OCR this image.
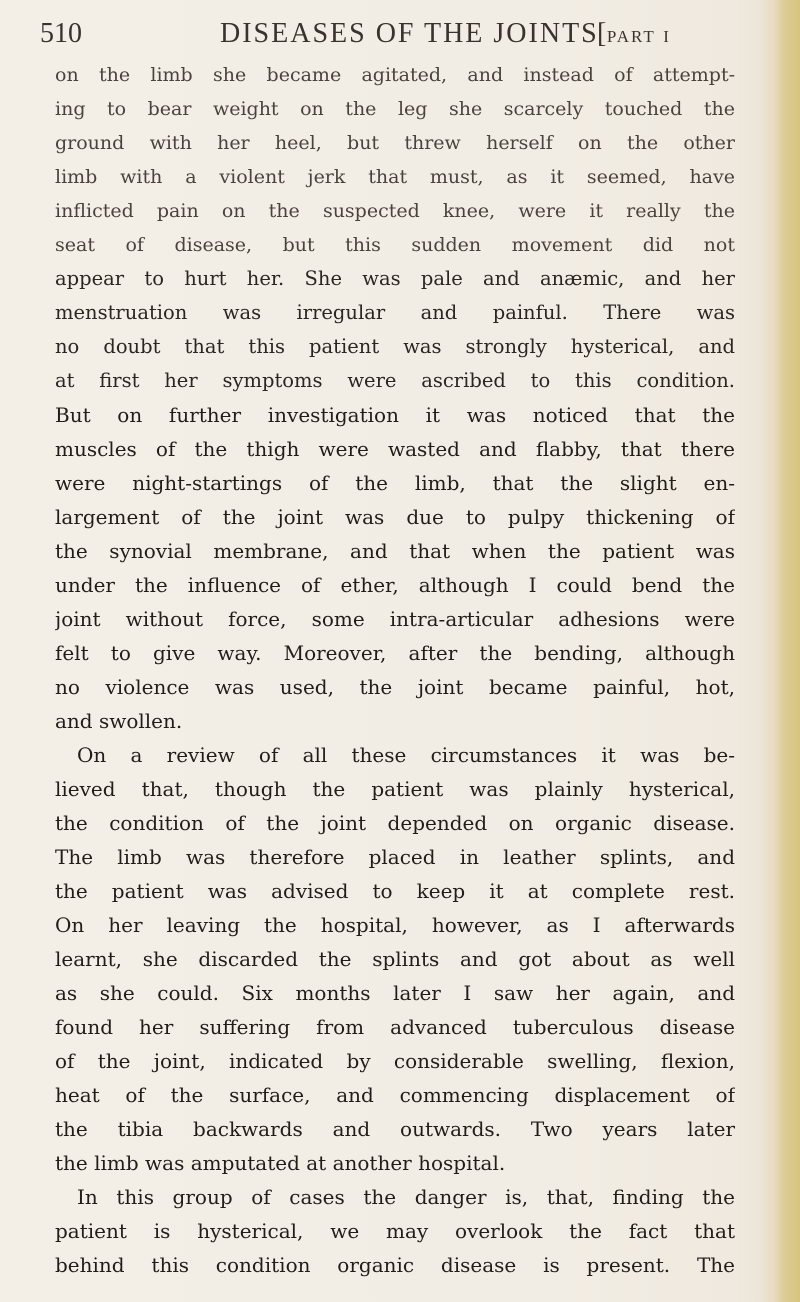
510	DISEASES OF THE JOINTS
[PART I
on the limb she became agitated, and instead of attempt-
ing to bear weight on the leg she scarcely touched the
ground with her heel, but threw herself on the other
limb with a violent jerk that must, as it seemed, have
inflicted pain on the suspected knee, were it really the
seat of disease, but this sudden movement did not
appear to hurt her. She was pale and anæmic, and her
menstruation was irregular and painful. There was
no doubt that this patient was strongly hysterical, and
at first her symptoms were ascribed to this condition.
But on further investigation it was noticed that the
muscles of the thigh were wasted and flabby, that there
were night-startings of the limb, that the slight en-
largement of the joint was due to pulpy thickening of
the synovial membrane, and that when the patient was
under the influence of ether, although I could bend the
joint without force, some intra-articular adhesions were
felt to give way. Moreover, after the bending, although
no violence was used, the joint became painful, hot,
and swollen.
On a review of all these circumstances it was be-
lieved that, though the patient was plainly hysterical,
the condition of the joint depended on organic disease.
The limb was therefore placed in leather splints, and
the patient was advised to keep it at complete rest.
On her leaving the hospital, however, as I afterwards
learnt, she discarded the splints and got about as well
as she could. Six months later I saw her again, and
found her suffering from advanced tuberculous disease
of the joint, indicated by considerable swelling, flexion,
heat of the surface, and commencing displacement of
the tibia backwards and outwards. Two years later
the limb was amputated at another hospital.
In this group of cases the danger is, that, finding the
patient is hysterical, we may overlook the fact that
behind this condition organic disease is present. The
